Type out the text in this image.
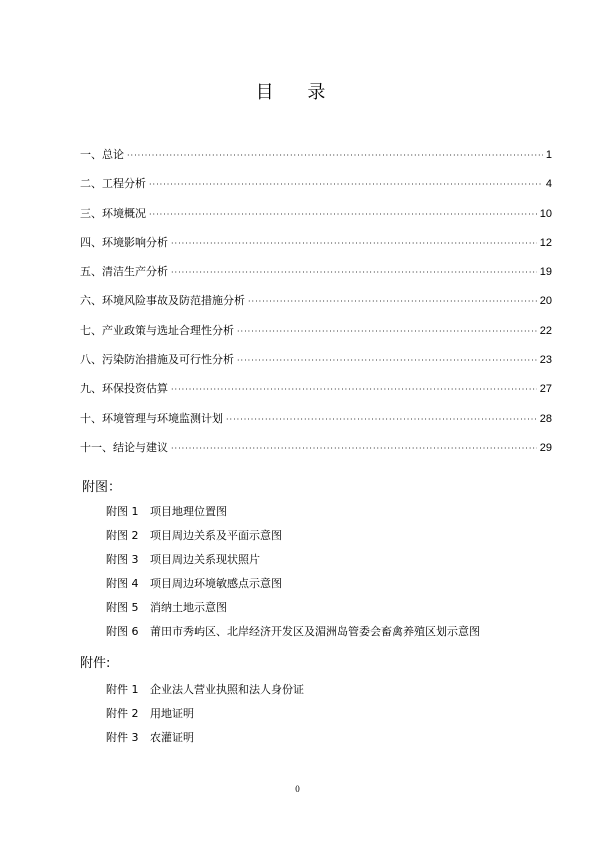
目 录
一、总论 ·····	1
二、工程分析 ·····	4
三、环境概况 ·····	10
四、环境影响分析 ·····	12
五、清洁生产分析 ·····	19
六、环境风险事故及防范措施分析 ·····	20
七、产业政策与选址合理性分析 ·····	22
八、污染防治措施及可行性分析 ·····	23
九、环保投资估算 ·····	27
十、环境管理与环境监测计划 ·····	28
十一、结论与建议 ·····	29
附图：
附图 1	项目地理位置图
附图 2	项目周边关系及平面示意图
附图 3	项目周边关系现状照片
附图 4	项目周边环境敏感点示意图
附图 5	消纳土地示意图
附图 6	莆田市秀屿区、北岸经济开发区及湄洲岛管委会畜禽养殖区划示意图
附件:
附件 1	企业法人营业执照和法人身份证
附件 2	用地证明
附件 3	农灌证明
0
